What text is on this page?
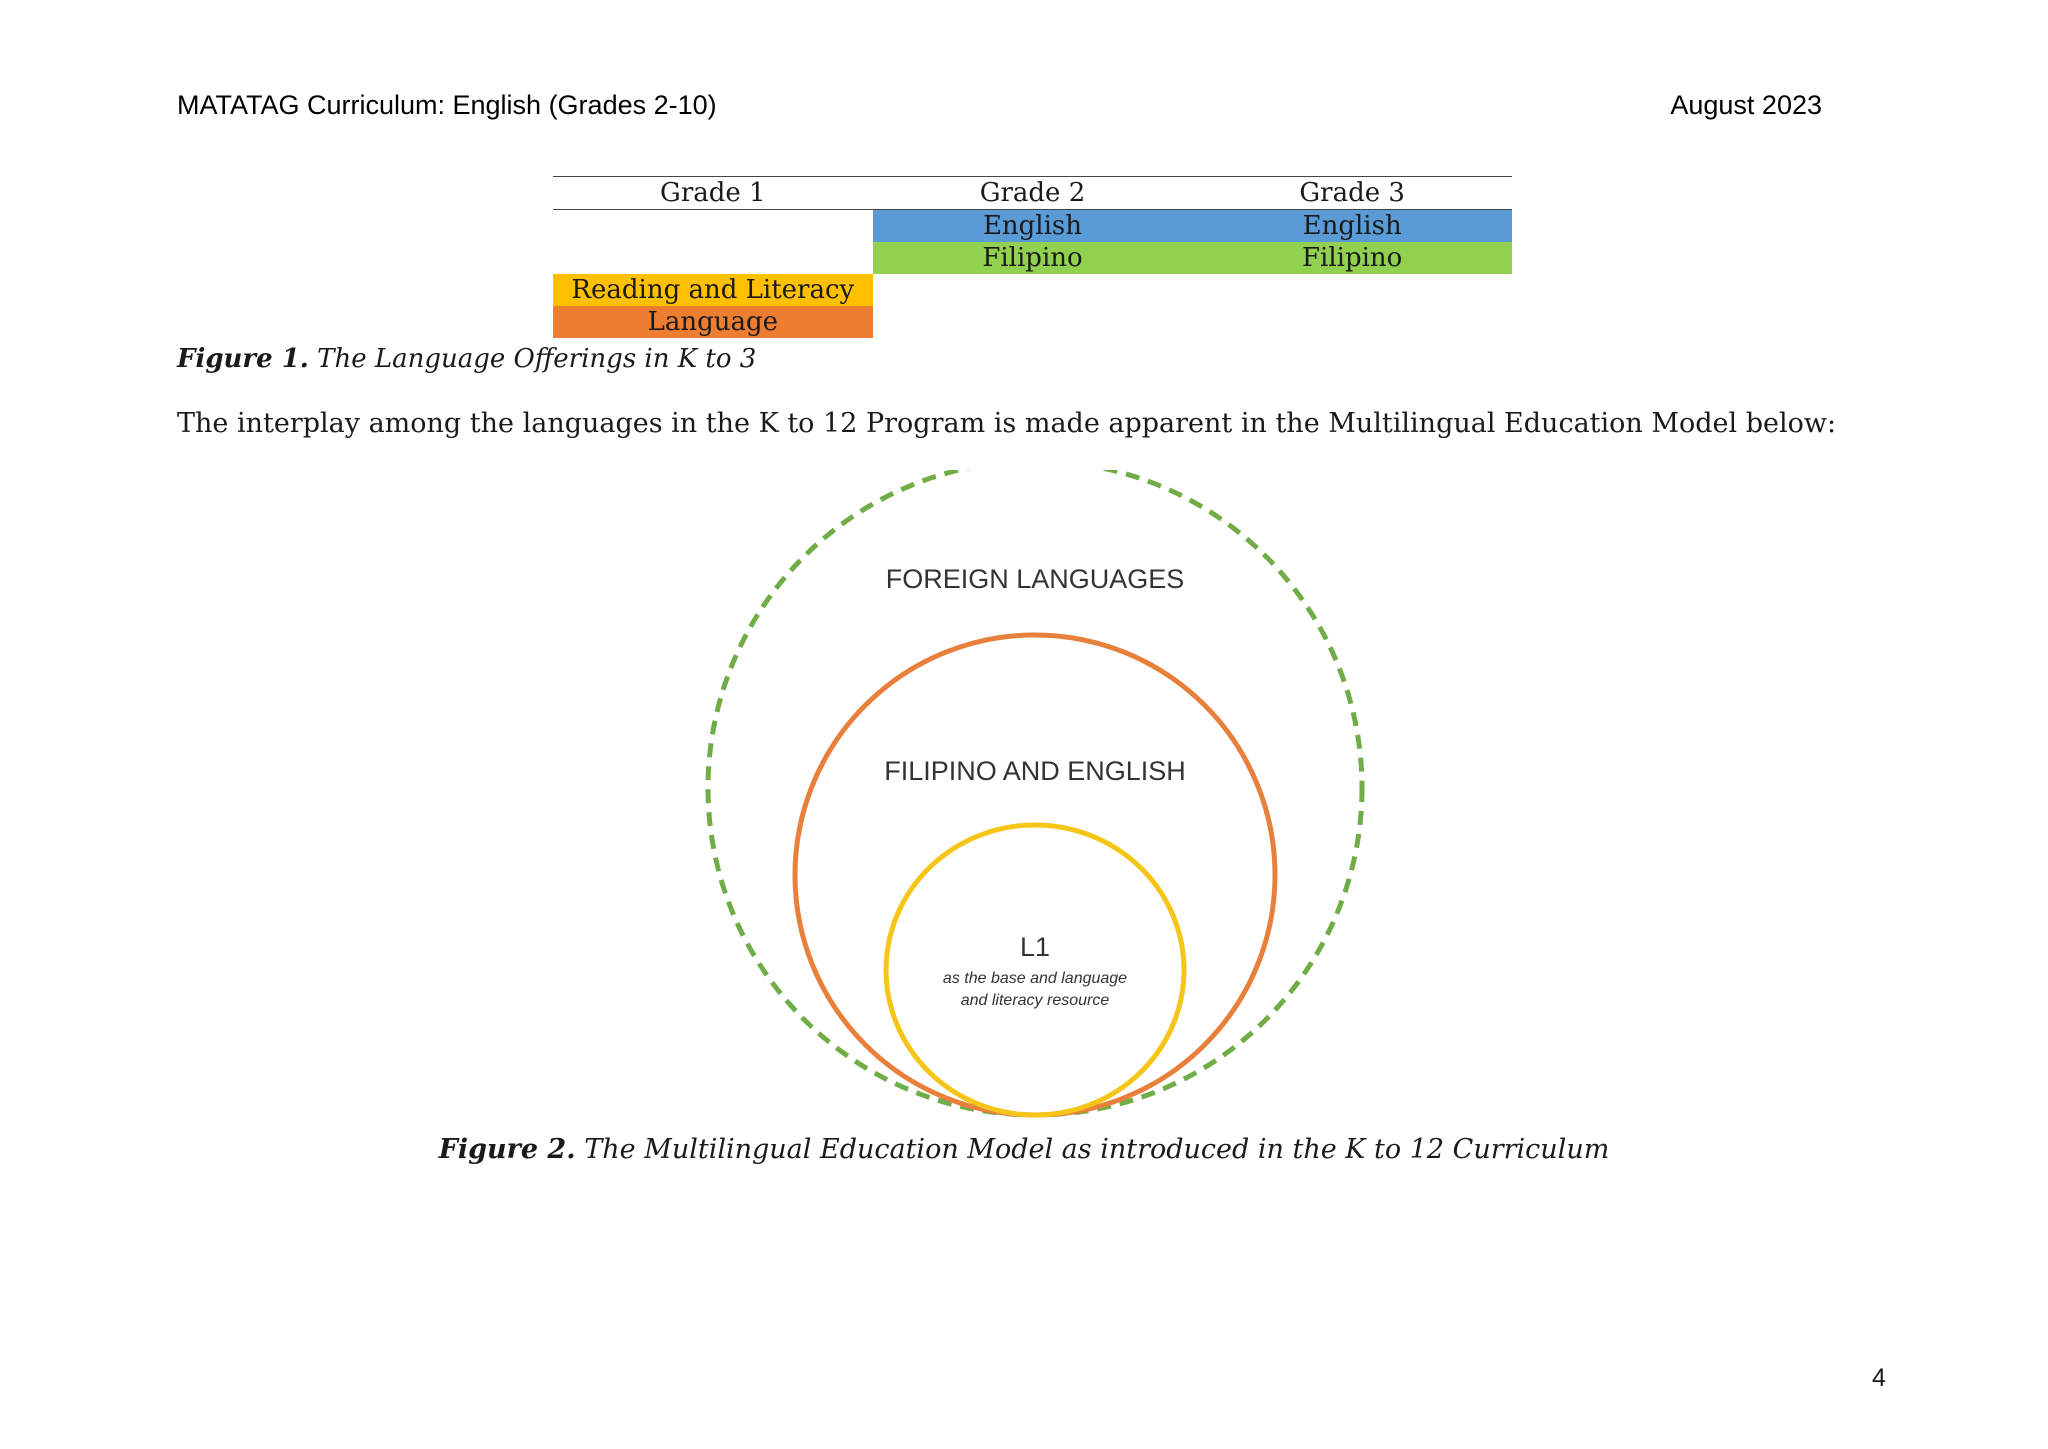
MATATAG Curriculum: English (Grades 2-10)	August 2023
Grade 1	Grade 2	Grade 3
	English	English
	Filipino	Filipino
Reading and Literacy		
Language		
Figure 1. The Language Offerings in K to 3
The interplay among the languages in the K to 12 Program is made apparent in the Multilingual Education Model below:
FOREIGN LANGUAGES
FILIPINO AND ENGLISH
L1
as the base and language
and literacy resource
Figure 2. The Multilingual Education Model as introduced in the K to 12 Curriculum
4
